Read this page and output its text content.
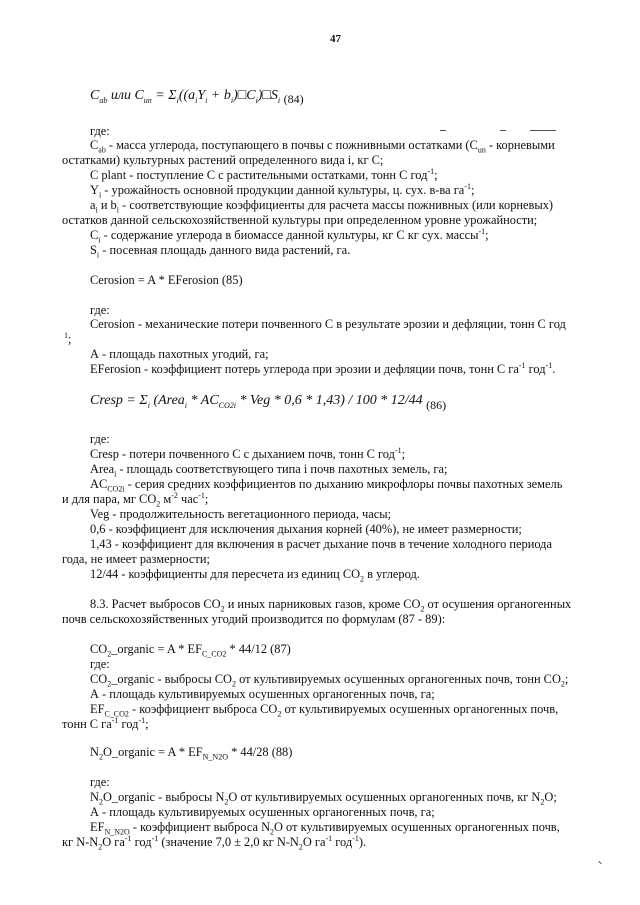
47
$C_{ab}$ или $C_{un} = \Sigma_i((a_iY_i$ + $b_i)□C_i)□S_i$ (84)
где:
$C_{ab}$ - масса углерода, поступающего в почвы с пожнивными остатками ($C_{un}$ - корневыми
остатками) культурных растений определенного вида i, кг С;
C plant - поступление С с растительными остатками, тонн С год$^{-1}$;
$Y_i$ - урожайность основной продукции данной культуры, ц. сух. в-ва $га^{-1}$;
$a_i$ и $b_i$ - соответствующие коэффициенты для расчета массы пожнивных (или корневых)
остатков данной сельскохозяйственной культуры при определенном уровне урожайности;
$C_i$ - содержание углерода в биомассе данной культуры, кг С кг сух. массы$^{-1}$;
$S_i$ - посевная площадь данного вида растений, га.
Cerosion = A * EFerosion (85)
где:
Cerosion - механические потери почвенного С в результате эрозии и дефляции, тонн С год
$^1$;
А - площадь пахотных угодий, га;
EFerosion - коэффициент потерь углерода при эрозии и дефляции почв, тонн С $га^{-1}$ год$^{-1}$.
Cresp = $\Sigma_i$ (Area$_i$ * $AC_{CO2i}$ * Veg * 0,6 * 1,43) / 100 * 12/44 (86)
где:
Cresp - потери почвенного С с дыханием почв, тонн С год$^{-1}$;
Area$_i$ - площадь соответствующего типа i почв пахотных земель, га;
$AC_{CO2i}$ - серия средних коэффициентов по дыханию микрофлоры почвы пахотных земель
и для пара, мг $CO_2$ $м^{-2}$ час$^{-1}$;
Veg - продолжительность вегетационного периода, часы;
0,6 - коэффициент для исключения дыхания корней (40%), не имеет размерности;
1,43 - коэффициент для включения в расчет дыхание почв в течение холодного периода
года, не имеет размерности;
12/44 - коэффициенты для пересчета из единиц $CO_2$ в углерод.
8.3. Расчет выбросов $CO_2$ и иных парниковых газов, кроме $CO_2$ от осушения органогенных
почв сельскохозяйственных угодий производится по формулам (87 - 89):
$CO_2\_organic = A * EF_{C\_CO2} * 44/12$ (87)
где:
$CO_2\_organic$ - выбросы $CO_2$ от культивируемых осушенных органогенных почв, тонн $CO_2$;
А - площадь культивируемых осушенных органогенных почв, га;
$EF_{C\_CO2}$ - коэффициент выброса $CO_2$ от культивируемых осушенных органогенных почв,
тонн С $га^{-1}$ год$^{-1}$;
$N_2O\_organic = A * EF_{N\_N2O} * 44/28$ (88)
где:
$N_2O\_organic$ - выбросы $N_2O$ от культивируемых осушенных органогенных почв, кг $N_2O$;
А - площадь культивируемых осушенных органогенных почв, га;
$EF_{N\_N2O}$ - коэффициент выброса $N_2O$ от культивируемых осушенных органогенных почв,
кг $N-N_2O$ $га^{-1}$ год$^{-1}$ (значение 7,0 ± 2,0 кг $N-N_2O$ $га^{-1}$ год$^{-1}$).
